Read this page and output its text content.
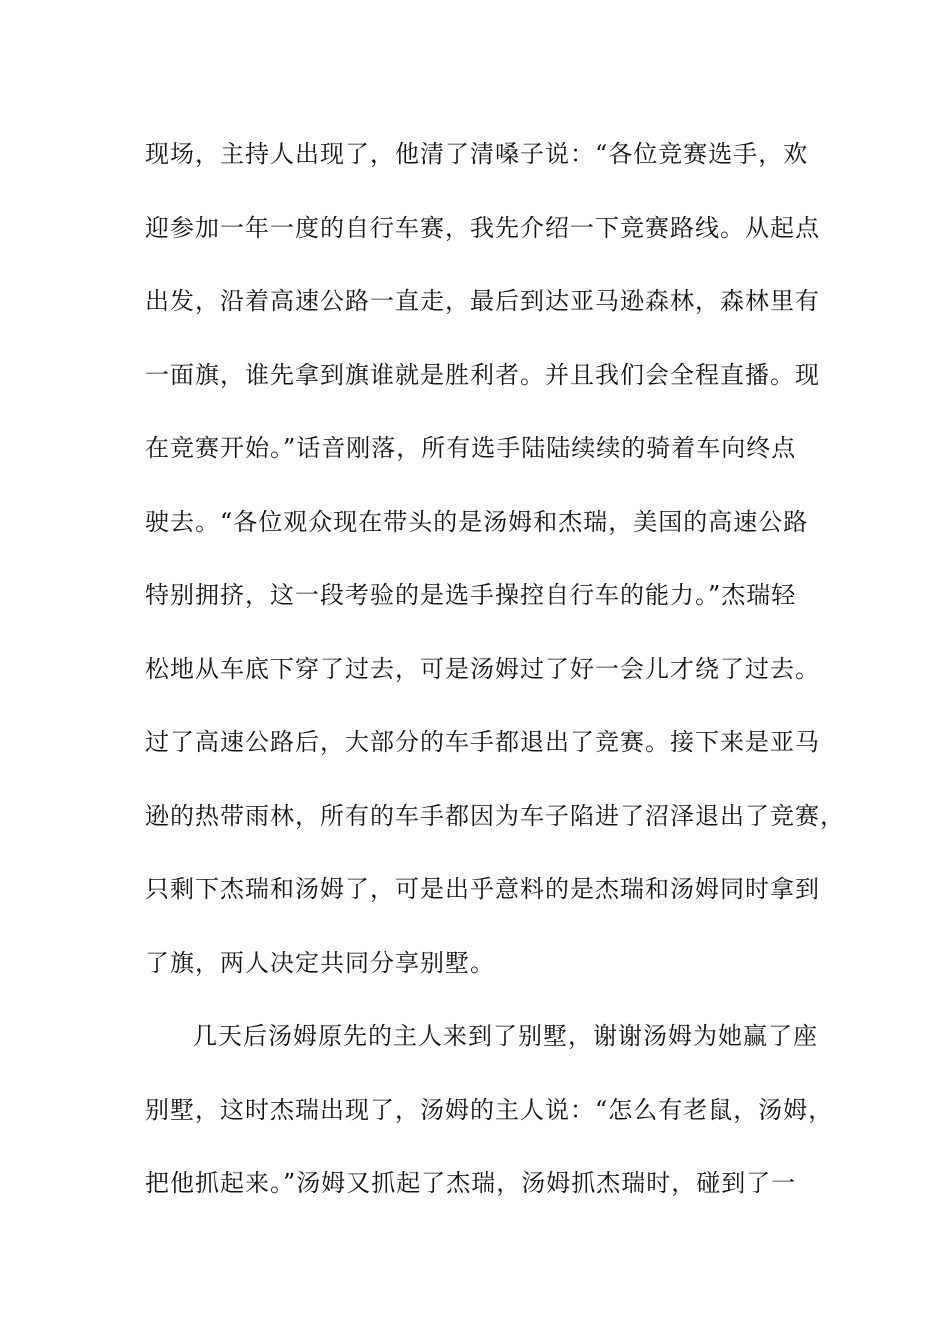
现场，主持人出现了，他清了清嗓子说：“各位竞赛选手，欢
迎参加一年一度的自行车赛，我先介绍一下竞赛路线。从起点
出发，沿着高速公路一直走，最后到达亚马逊森林，森林里有
一面旗，谁先拿到旗谁就是胜利者。并且我们会全程直播。现
在竞赛开始。”话音刚落，所有选手陆陆续续的骑着车向终点
驶去。“各位观众现在带头的是汤姆和杰瑞，美国的高速公路
特别拥挤，这一段考验的是选手操控自行车的能力。”杰瑞轻
松地从车底下穿了过去，可是汤姆过了好一会儿才绕了过去。
过了高速公路后，大部分的车手都退出了竞赛。接下来是亚马
逊的热带雨林，所有的车手都因为车子陷进了沼泽退出了竞赛，
只剩下杰瑞和汤姆了，可是出乎意料的是杰瑞和汤姆同时拿到
了旗，两人决定共同分享别墅。
几天后汤姆原先的主人来到了别墅，谢谢汤姆为她赢了座
别墅，这时杰瑞出现了，汤姆的主人说：“怎么有老鼠，汤姆，
把他抓起来。”汤姆又抓起了杰瑞，汤姆抓杰瑞时，碰到了一
